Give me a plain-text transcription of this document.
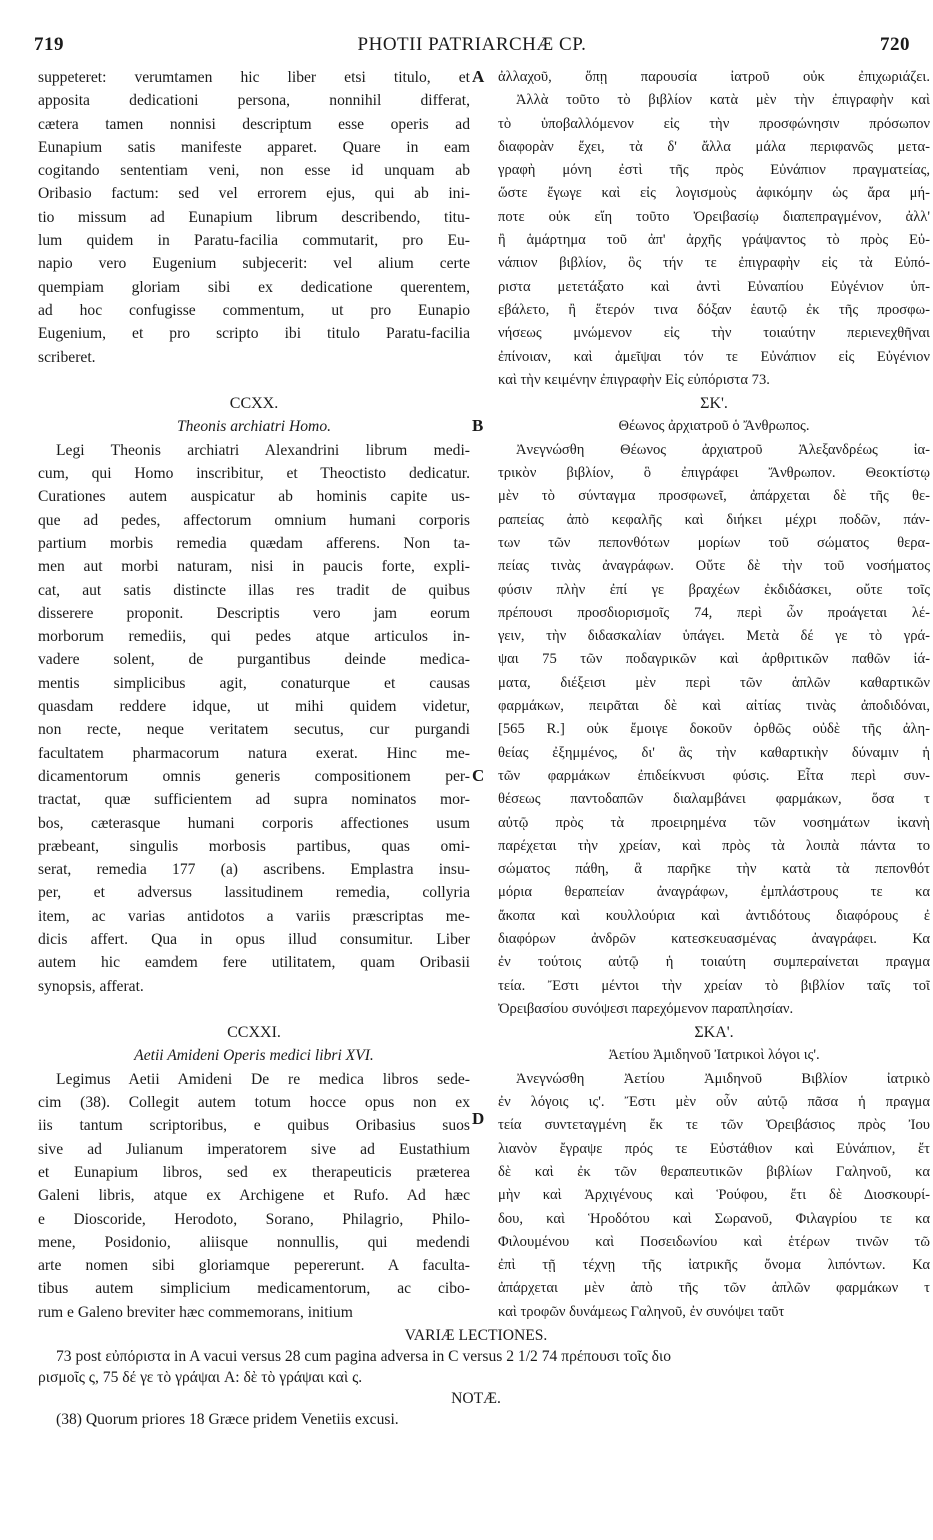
719	PHOTII PATRIARCHÆ CP.	720
suppeteret: verumtamen hic liber etsi titulo, et
apposita dedicationi persona, nonnihil differat,
cætera tamen nonnisi descriptum esse operis ad
Eunapium satis manifeste apparet. Quare in eam
cogitando sententiam veni, non esse id unquam ab
Oribasio factum: sed vel errorem ejus, qui ab ini-
tio missum ad Eunapium librum describendo, titu-
lum quidem in Paratu-facilia commutarit, pro Eu-
napio vero Eugenium subjecerit: vel alium certe
quempiam gloriam sibi ex dedicatione querentem,
ad hoc confugisse commentum, ut pro Eunapio
Eugenium, et pro scripto ibi titulo Paratu-facilia
scriberet.
CCXX.
Theonis archiatri Homo.
Legi Theonis archiatri Alexandrini librum medi-
cum, qui Homo inscribitur, et Theoctisto dedicatur.
Curationes autem auspicatur ab hominis capite us-
que ad pedes, affectorum omnium humani corporis
partium morbis remedia quædam afferens. Non ta-
men aut morbi naturam, nisi in paucis forte, expli-
cat, aut satis distincte illas res tradit de quibus
disserere proponit. Descriptis vero jam eorum
morborum remediis, qui pedes atque articulos in-
vadere solent, de purgantibus deinde medica-
mentis simplicibus agit, conaturque et causas
quasdam reddere idque, ut mihi quidem videtur,
non recte, neque veritatem secutus, cur purgandi
facultatem pharmacorum natura exerat. Hinc me-
dicamentorum omnis generis compositionem per-
tractat, quæ sufficientem ad supra nominatos mor-
bos, cæterasque humani corporis affectiones usum
præbeant, singulis morbosis partibus, quas omi-
serat, remedia 177 (a) ascribens. Emplastra insu-
per, et adversus lassitudinem remedia, collyria
item, ac varias antidotos a variis præscriptas me-
dicis affert. Qua in opus illud consumitur. Liber
autem hic eamdem fere utilitatem, quam Oribasii
synopsis, afferat.
CCXXI.
Aetii Amideni Operis medici libri XVI.
Legimus Aetii Amideni De re medica libros sede-
cim (38). Collegit autem totum hocce opus non ex
iis tantum scriptoribus, e quibus Oribasius suos
sive ad Julianum imperatorem sive ad Eustathium
et Eunapium libros, sed ex therapeuticis præterea
Galeni libris, atque ex Archigene et Rufo. Ad hæc
e Dioscoride, Herodoto, Sorano, Philagrio, Philo-
mene, Posidonio, aliisque nonnullis, qui medendi
arte nomen sibi gloriamque pepererunt. A faculta-
tibus autem simplicium medicamentorum, ac cibo-
rum e Galeno breviter hæc commemorans, initium
ἀλλαχοῦ, ὅπῃ παρουσία ἰατροῦ οὐκ ἐπιχωριάζει.
Ἀλλὰ τοῦτο τὸ βιβλίον κατὰ μὲν τὴν ἐπιγραφὴν καὶ
τὸ ὑποβαλλόμενον εἰς τὴν προσφώνησιν πρόσωπον
διαφορὰν ἔχει, τὰ δ' ἄλλα μάλα περιφανῶς μετα-
γραφὴ μόνη ἐστὶ τῆς πρὸς Εὐνάπιον πραγματείας,
ὥστε ἔγωγε καὶ εἰς λογισμοὺς ἀφικόμην ὡς ἄρα μή-
ποτε οὐκ εἴη τοῦτο Ὀρειβασίῳ διαπεπραγμένον, ἀλλ'
ἢ ἁμάρτημα τοῦ ἀπ' ἀρχῆς γράψαντος τὸ πρὸς Εὐ-
νάπιον βιβλίον, ὃς τήν τε ἐπιγραφὴν εἰς τὰ Εὐπό-
ριστα μετετάξατο καὶ ἀντὶ Εὐναπίου Εὐγένιον ὑπ-
εβάλετο, ἢ ἕτερόν τινα δόξαν ἑαυτῷ ἐκ τῆς προσφω-
νήσεως μνώμενον εἰς τὴν τοιαύτην περιενεχθῆναι
ἐπίνοιαν, καὶ ἀμεῖψαι τόν τε Εὐνάπιον εἰς Εὐγένιον
καὶ τὴν κειμένην ἐπιγραφὴν Εἰς εὐπόριστα 73.
ΣΚ'.
Θέωνος ἀρχιατροῦ ὁ Ἄνθρωπος.
Ἀνεγνώσθη Θέωνος ἀρχιατροῦ Ἀλεξανδρέως ἰα-
τρικὸν βιβλίον, ὃ ἐπιγράφει Ἄνθρωπον. Θεοκτίστῳ
μὲν τὸ σύνταγμα προσφωνεῖ, ἀπάρχεται δὲ τῆς θε-
ραπείας ἀπὸ κεφαλῆς καὶ διήκει μέχρι ποδῶν, πάν-
των τῶν πεπονθότων μορίων τοῦ σώματος θερα-
πείας τινὰς ἀναγράφων. Οὔτε δὲ τὴν τοῦ νοσήματος
φύσιν πλὴν ἐπί γε βραχέων ἐκδιδάσκει, οὔτε τοῖς
πρέπουσι προσδιορισμοῖς 74, περὶ ὧν προάγεται λέ-
γειν, τὴν διδασκαλίαν ὑπάγει. Μετὰ δέ γε τὸ γρά-
ψαι 75 τῶν ποδαγρικῶν καὶ ἀρθριτικῶν παθῶν ἰά-
ματα, διέξεισι μὲν περὶ τῶν ἁπλῶν καθαρτικῶν
φαρμάκων, πειρᾶται δὲ καὶ αἰτίας τινὰς ἀποδιδόναι,
[565 R.] οὐκ ἔμοιγε δοκοῦν ὀρθῶς οὐδὲ τῆς ἀλη-
θείας ἐξημμένος, δι' ἃς τὴν καθαρτικὴν δύναμιν ἡ
τῶν φαρμάκων ἐπιδείκνυσι φύσις. Εἶτα περὶ συν-
θέσεως παντοδαπῶν διαλαμβάνει φαρμάκων, ὅσα τ
αὐτῷ πρὸς τὰ προειρημένα τῶν νοσημάτων ἱκανὴ
παρέχεται τὴν χρείαν, καὶ πρὸς τὰ λοιπὰ πάντα το
σώματος πάθη, ἃ παρῆκε τὴν κατὰ τὰ πεπονθότ
μόρια θεραπείαν ἀναγράφων, ἐμπλάστρους τε κα
ἄκοπα καὶ κουλλούρια καὶ ἀντιδότους διαφόρους ἐ
διαφόρων ἀνδρῶν κατεσκευασμένας ἀναγράφει. Κα
ἐν τούτοις αὐτῷ ἡ τοιαύτη συμπεραίνεται πραγμα
τεία. Ἔστι μέντοι τὴν χρείαν τὸ βιβλίον ταῖς τοῖ
Ὀρειβασίου συνόψεσι παρεχόμενον παραπλησίαν.
ΣΚΑ'.
Ἀετίου Ἀμιδηνοῦ Ἰατρικοὶ λόγοι ις'.
Ἀνεγνώσθη Ἀετίου Ἀμιδηνοῦ Βιβλίον ἰατρικὸ
ἐν λόγοις ις'. Ἔστι μὲν οὖν αὐτῷ πᾶσα ἡ πραγμα
τεία συντεταγμένη ἔκ τε τῶν Ὀρειβάσιος πρὸς Ἰου
λιανὸν ἔγραψε πρός τε Εὐστάθιον καὶ Εὐνάπιον, ἔτ
δὲ καὶ ἐκ τῶν θεραπευτικῶν βιβλίων Γαληνοῦ, κα
μὴν καὶ Ἀρχιγένους καὶ Ῥούφου, ἔτι δὲ Διοσκουρί-
δου, καὶ Ἡροδότου καὶ Σωρανοῦ, Φιλαγρίου τε κα
Φιλουμένου καὶ Ποσειδωνίου καὶ ἑτέρων τινῶν τῶ
ἐπὶ τῇ τέχνῃ τῆς ἰατρικῆς ὄνομα λιπόντων. Κα
ἀπάρχεται μὲν ἀπὸ τῆς τῶν ἁπλῶν φαρμάκων τ
καὶ τροφῶν δυνάμεως Γαληνοῦ, ἐν συνόψει ταῦτ
A
B
C
D
VARIÆ LECTIONES.
73 post εὐπόριστα in A vacui versus 28 cum pagina adversa in C versus 2 1/2 74 πρέπουσι τοῖς διο
ρισμοῖς ς, 75 δέ γε τὸ γράψαι A: δὲ τὸ γράψαι καὶ ς.
NOTÆ.
(38) Quorum priores 18 Græce pridem Venetiis excusi.
